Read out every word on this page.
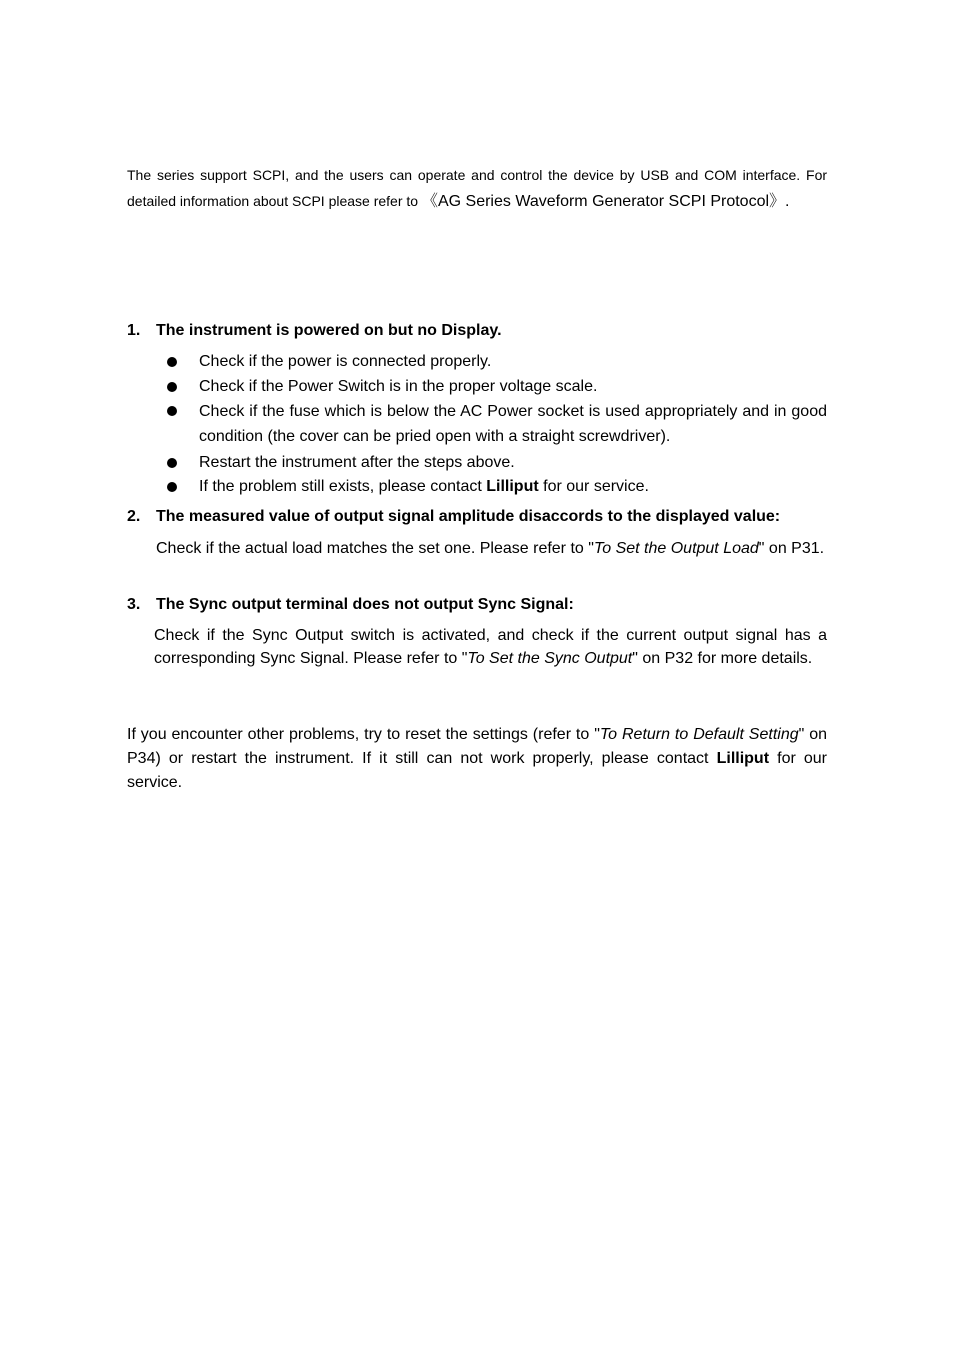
The series support SCPI, and the users can operate and control the device by USB and COM interface. For detailed information about SCPI please refer to 《AG Series Waveform Generator SCPI Protocol》.

1. The instrument is powered on but no Display.
Check if the power is connected properly.
Check if the Power Switch is in the proper voltage scale.
Check if the fuse which is below the AC Power socket is used appropriately and in good condition (the cover can be pried open with a straight screwdriver).
Restart the instrument after the steps above.
If the problem still exists, please contact Lilliput for our service.
2. The measured value of output signal amplitude disaccords to the displayed value:

Check if the actual load matches the set one. Please refer to "To Set the Output Load" on P31.

3. The Sync output terminal does not output Sync Signal:

Check if the Sync Output switch is activated, and check if the current output signal has a corresponding Sync Signal. Please refer to "To Set the Sync Output" on P32 for more details.

If you encounter other problems, try to reset the settings (refer to "To Return to Default Setting" on P34) or restart the instrument. If it still can not work properly, please contact Lilliput for our service.
